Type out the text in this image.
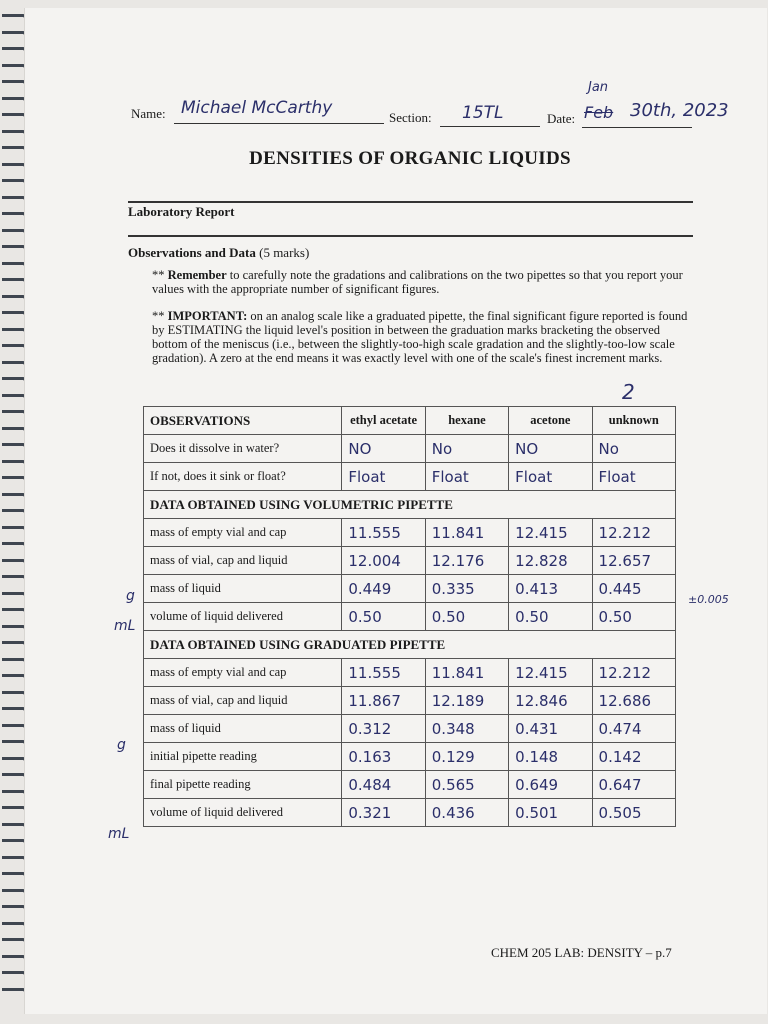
Name: Michael McCarthy	Section: 15TL	Date:
Jan
Feb 30th, 2023
DENSITIES OF ORGANIC LIQUIDS
Laboratory Report
Observations and Data (5 marks)
** Remember to carefully note the gradations and calibrations on the two pipettes so that you report your values with the appropriate number of significant figures.
** IMPORTANT: on an analog scale like a graduated pipette, the final significant figure reported is found by ESTIMATING the liquid level's position in between the graduation marks bracketing the observed bottom of the meniscus (i.e., between the slightly-too-high scale gradation and the slightly-too-low scale gradation). A zero at the end means it was exactly level with one of the scale's finest increment marks.
2
OBSERVATIONS	ethyl acetate	hexane	acetone	unknown
Does it dissolve in water?	NO	No	NO	No
If not, does it sink or float?	Float	Float	Float	Float
DATA OBTAINED USING VOLUMETRIC PIPETTE				
mass of empty vial and cap	11.555	11.841	12.415	12.212
mass of vial, cap and liquid	12.004	12.176	12.828	12.657
mass of liquid	0.449	0.335	0.413	0.445
volume of liquid delivered	0.50	0.50	0.50	0.50
DATA OBTAINED USING GRADUATED PIPETTE				
mass of empty vial and cap	11.555	11.841	12.415	12.212
mass of vial, cap and liquid	11.867	12.189	12.846	12.686
mass of liquid	0.312	0.348	0.431	0.474
initial pipette reading	0.163	0.129	0.148	0.142
final pipette reading	0.484	0.565	0.649	0.647
volume of liquid delivered	0.321	0.436	0.501	0.505
g
mL
g
mL
±0.005
CHEM 205 LAB: DENSITY – p.7
